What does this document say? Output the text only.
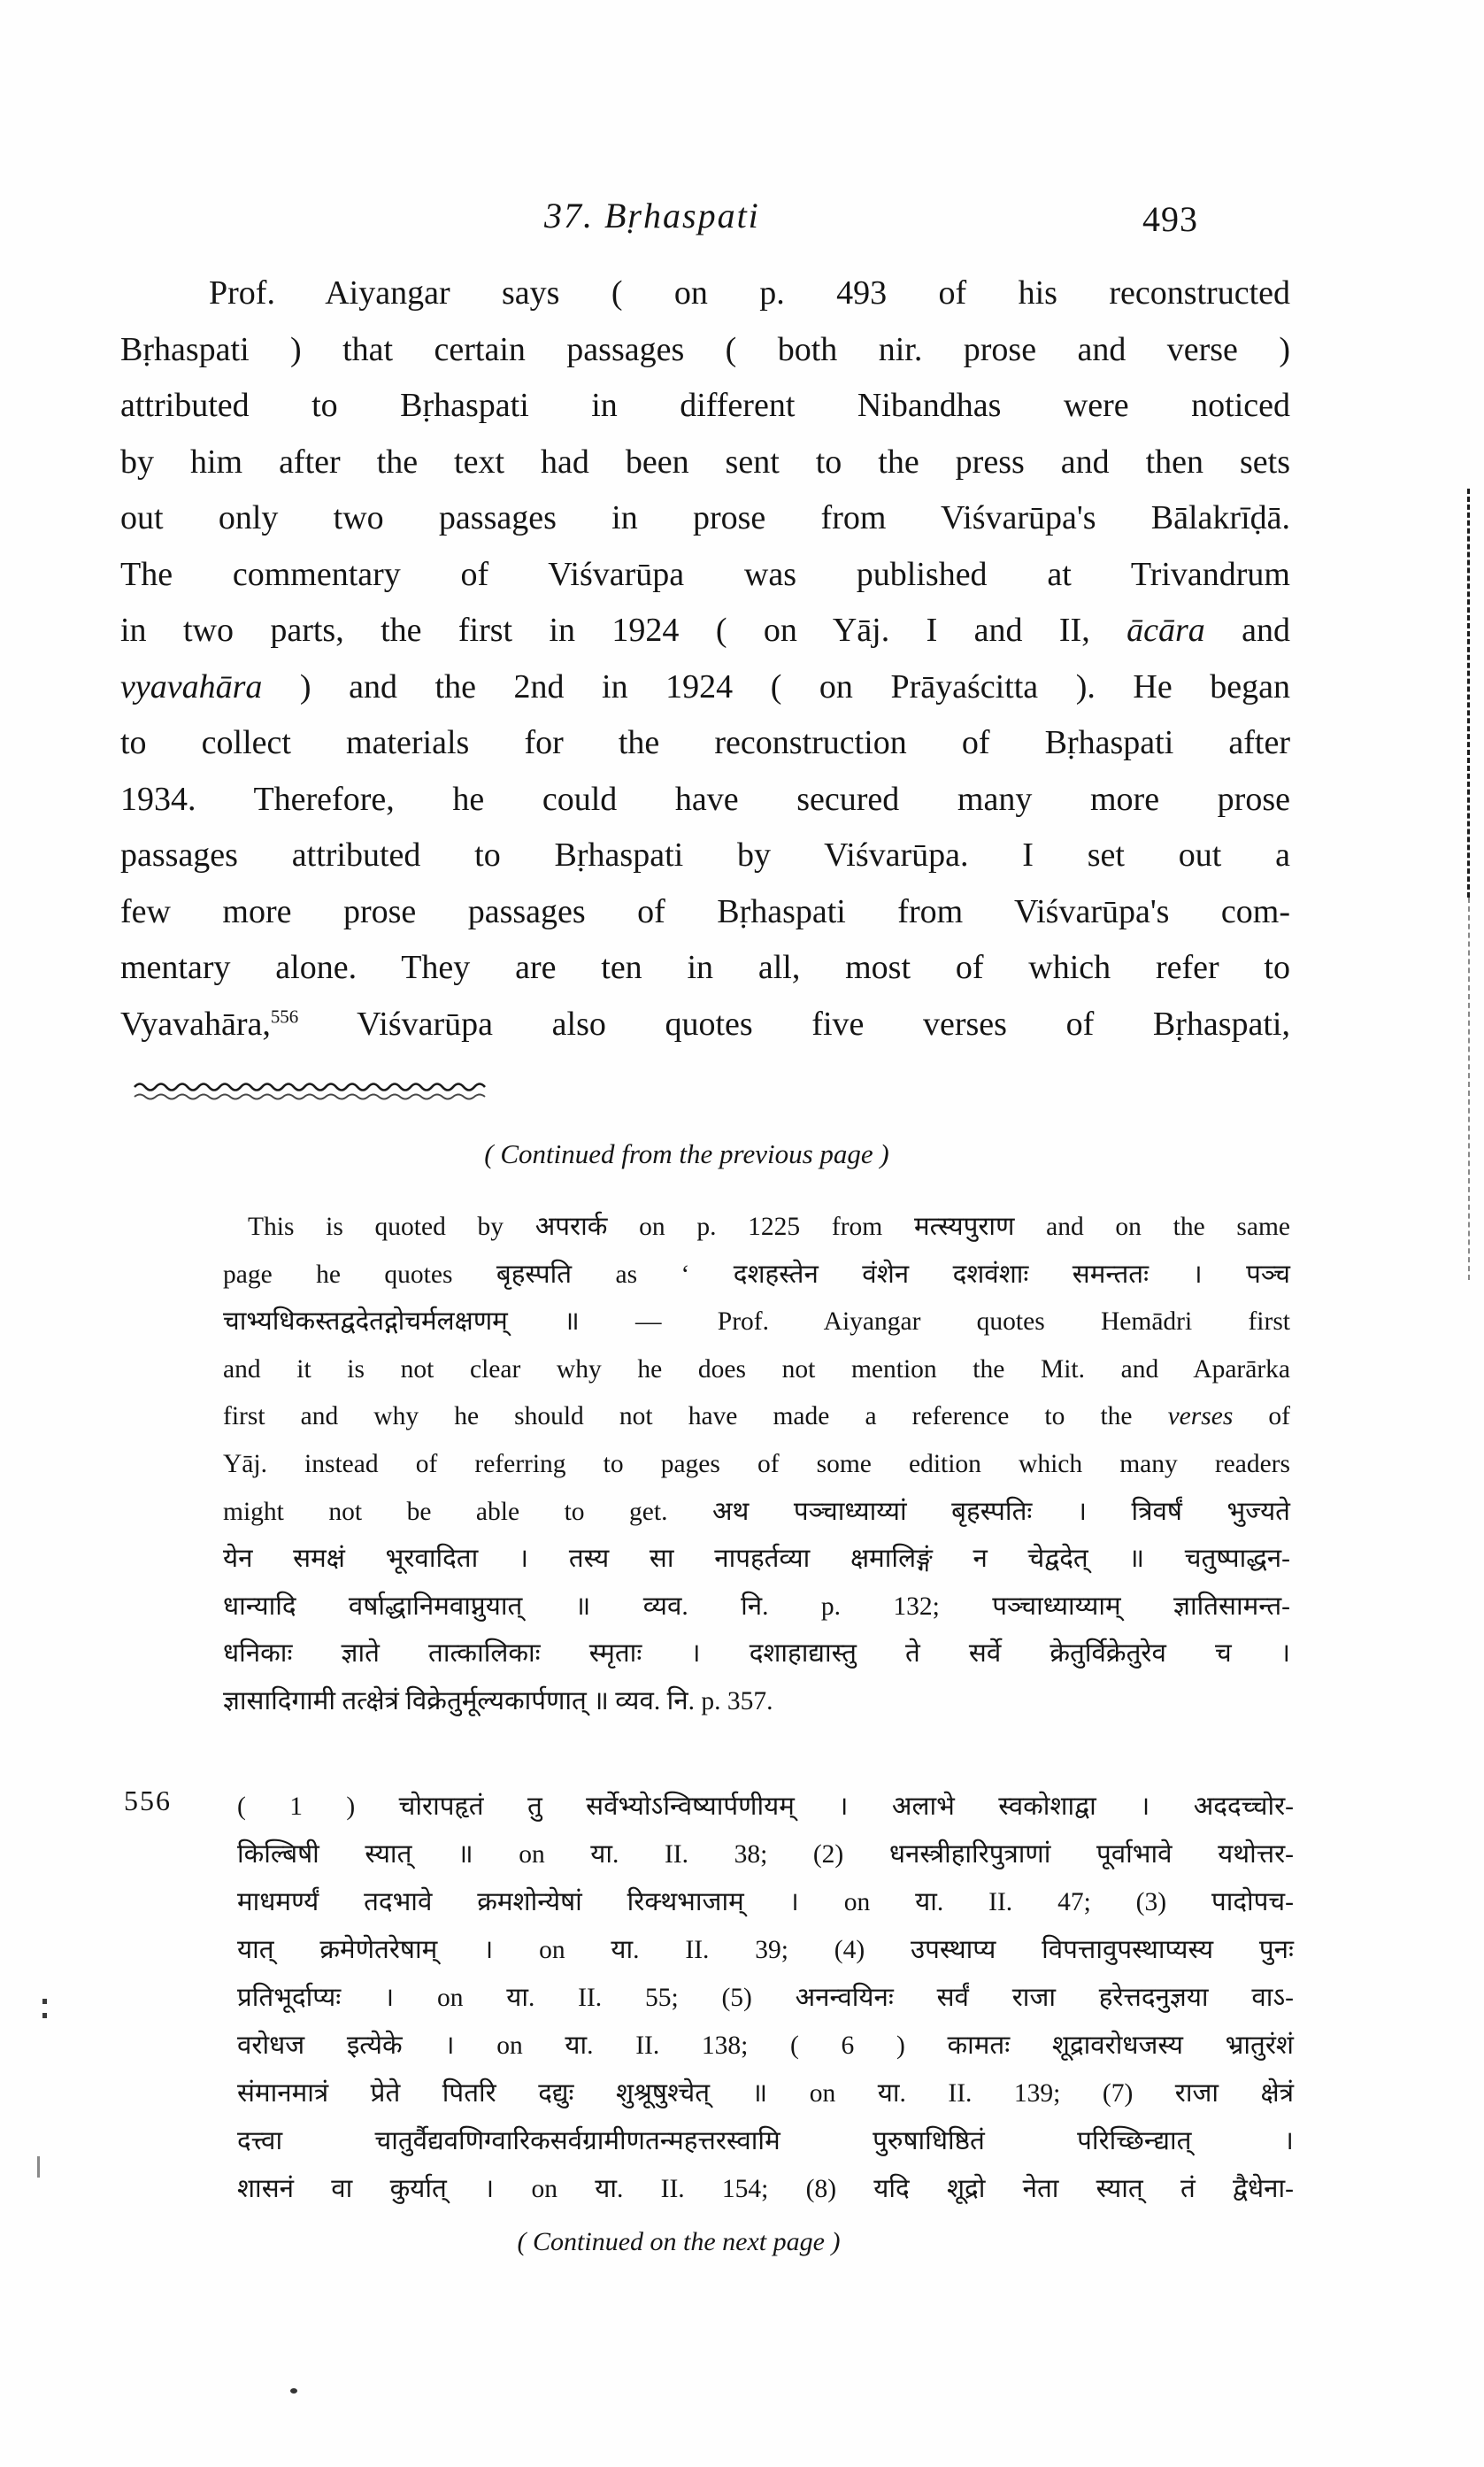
37. Bṛhaspati	493
Prof. Aiyangar says ( on p. 493 of his reconstructed
Bṛhaspati ) that certain passages ( both nir. prose and verse )
attributed to Bṛhaspati in different Nibandhas were noticed
by him after the text had been sent to the press and then sets
out only two passages in prose from Viśvarūpa's Bālakrīḍā.
The commentary of Viśvarūpa was published at Trivandrum
in two parts, the first in 1924 ( on Yāj. I and II, ācāra and
vyavahāra ) and the 2nd in 1924 ( on Prāyaścitta ). He began
to collect materials for the reconstruction of Bṛhaspati after
1934. Therefore, he could have secured many more prose
passages attributed to Bṛhaspati by Viśvarūpa. I set out a
few more prose passages of Bṛhaspati from Viśvarūpa's com-
mentary alone. They are ten in all, most of which refer to
Vyavahāra,$^{556}$ Viśvarūpa also quotes five verses of Bṛhaspati,
( Continued from the previous page )
This is quoted by अपरार्क on p. 1225 from मत्स्यपुराण and on the same
page he quotes बृहस्पति as ‘ दशहस्तेन वंशेन दशवंशाः समन्ततः । पञ्च
चाभ्यधिकस्तद्वदेतद्गोचर्मलक्षणम् ॥ — Prof. Aiyangar quotes Hemādri first
and it is not clear why he does not mention the Mit. and Aparārka
first and why he should not have made a reference to the verses of
Yāj. instead of referring to pages of some edition which many readers
might not be able to get. अथ पञ्चाध्याय्यां बृहस्पतिः । त्रिवर्षं भुज्यते
येन समक्षं भूरवादिता । तस्य सा नापहर्तव्या क्षमालिङ्गं न चेद्वदेत् ॥ चतुष्पाद्धन-
धान्यादि वर्षाद्धानिमवाप्नुयात् ॥ व्यव. नि. p. 132; पञ्चाध्याय्याम् ज्ञातिसामन्त-
धनिकाः ज्ञाते तात्कालिकाः स्मृताः । दशाहाद्यास्तु ते सर्वे क्रेतुर्विक्रेतुरेव च ।
ज्ञासादिगामी तत्क्षेत्रं विक्रेतुर्मूल्यकार्पणात् ॥ व्यव. नि. p. 357.
556	( 1 ) चोरापहृतं तु सर्वेभ्योऽन्विष्यार्पणीयम् । अलाभे स्वकोशाद्वा । अददच्चोर-
किल्बिषी स्यात् ॥ on या. II. 38; (2) धनस्त्रीहारिपुत्राणां पूर्वाभावे यथोत्तर-
माधमर्ण्यं तदभावे क्रमशोन्येषां रिक्थभाजाम् । on या. II. 47; (3) पादोपच-
यात् क्रमेणेतरेषाम् । on या. II. 39; (4) उपस्थाप्य विपत्तावुपस्थाप्यस्य पुनः
प्रतिभूर्दाप्यः । on या. II. 55; (5) अनन्वयिनः सर्वं राजा हरेत्तदनुज्ञया वाऽ-
वरोधज इत्येके । on या. II. 138; ( 6 ) कामतः शूद्रावरोधजस्य भ्रातुरंशं
संमानमात्रं प्रेते पितरि दद्युः शुश्रूषुश्चेत् ॥ on या. II. 139; (7) राजा क्षेत्रं
दत्त्वा चातुर्वैद्यवणिग्वारिकसर्वग्रामीणतन्महत्तरस्वामि पुरुषाधिष्ठितं परिच्छिन्द्यात् ।
शासनं वा कुर्यात् । on या. II. 154; (8) यदि शूद्रो नेता स्यात् तं द्वैधेना-
( Continued on the next page )
